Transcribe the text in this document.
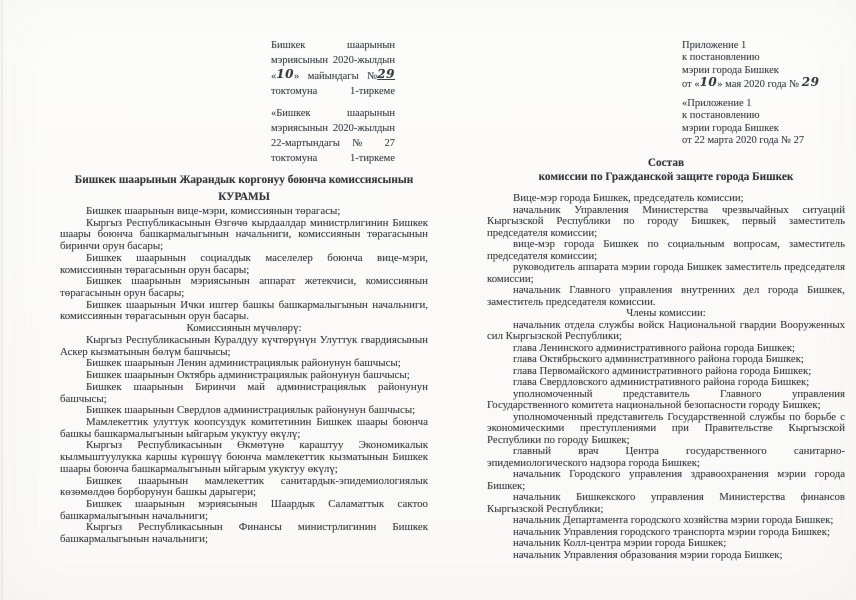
Бишкек шаарынын
мэриясынын 2020-жылдын
«10» майындагы №29
токтомуна 1-тиркеме
«Бишкек шаарынын
мэриясынын 2020-жылдын
22-мартындагы № 27
токтомуна 1-тиркеме
Бишкек шаарынын Жарандык коргонуу боюнча комиссиясынын
КУРАМЫ

Бишкек шаарынын вице-мэри, комиссиянын төрагасы;

Кыргыз Республикасынын Өзгөчө кырдаалдар министрлигинин Бишкек шаары боюнча башкармалыгынын начальниги, комиссиянын төрагасынын биринчи орун басары;

Бишкек шаарынын социалдык маселелер боюнча вице-мэри, комиссиянын төрагасынын орун басары;

Бишкек шаарынын мэриясынын аппарат жетекчиси, комиссиянын төрагасынын орун басары;

Бишкек шаарынын Ички иштер башкы башкармалыгынын начальниги, комиссиянын төрагасынын орун басары.

Комиссиянын мүчөлөрү:

Кыргыз Республикасынын Куралдуу күчтөрүнүн Улуттук гвардиясынын Аскер кызматынын бөлүм башчысы;

Бишкек шаарынын Ленин администрациялык районунун башчысы;

Бишкек шаарынын Октябрь администрациялык районунун башчысы;

Бишкек шаарынын Биринчи май администрациялык районунун башчысы;

Бишкек шаарынын Свердлов администрациялык районунун башчысы;

Мамлекеттик улуттук коопсуздук комитетинин Бишкек шаары боюнча башкы башкармалыгынын ыйгарым укуктуу өкүлү;

Кыргыз Республикасынын Өкмөтүнө караштуу Экономикалык кылмыштуулукка каршы күрөшүү боюнча мамлекеттик кызматынын Бишкек шаары боюнча башкармалыгынын ыйгарым укуктуу өкүлү;

Бишкек шаарынын мамлекеттик санитардык-эпидемиологиялык көзөмөлдөө борборунун башкы дарыгери;

Бишкек шаарынын мэриясынын Шаардык Саламаттык сактоо башкармалыгынын начальниги;

Кыргыз Республикасынын Финансы министрлигинин Бишкек башкармалыгынын начальниги;

Приложение 1
к постановлению
мэрии города Бишкек
от «10» мая 2020 года № 29
«Приложение 1
к постановлению
мэрии города Бишкек
от 22 марта 2020 года № 27
Состав
комиссии по Гражданской защите города Бишкек

Вице-мэр города Бишкек, председатель комиссии;

начальник Управления Министерства чрезвычайных ситуаций Кыргызской Республики по городу Бишкек, первый заместитель председателя комиссии;

вице-мэр города Бишкек по социальным вопросам, заместитель председателя комиссии;

руководитель аппарата мэрии города Бишкек заместитель председателя комиссии;

начальник Главного управления внутренних дел города Бишкек, заместитель председателя комиссии.

Члены комиссии:

начальник отдела службы войск Национальной гвардии Вооруженных сил Кыргызской Республики;

глава Ленинского административного района города Бишкек;

глава Октябрьского административного района города Бишкек;

глава Первомайского административного района города Бишкек;

глава Свердловского административного района города Бишкек;

уполномоченный представитель Главного управления Государственного комитета национальной безопасности городу Бишкек;

уполномоченный представитель Государственной службы по борьбе с экономическими преступлениями при Правительстве Кыргызской Республики по городу Бишкек;

главный врач Центра государственного санитарно-эпидемиологического надзора города Бишкек;

начальник Городского управления здравоохранения мэрии города Бишкек;

начальник Бишкекского управления Министерства финансов Кыргызской Республики;

начальник Департамента городского хозяйства мэрии города Бишкек;

начальник Управления городского транспорта мэрии города Бишкек;

начальник Колл-центра мэрии города Бишкек;

начальник Управления образования мэрии города Бишкек;
